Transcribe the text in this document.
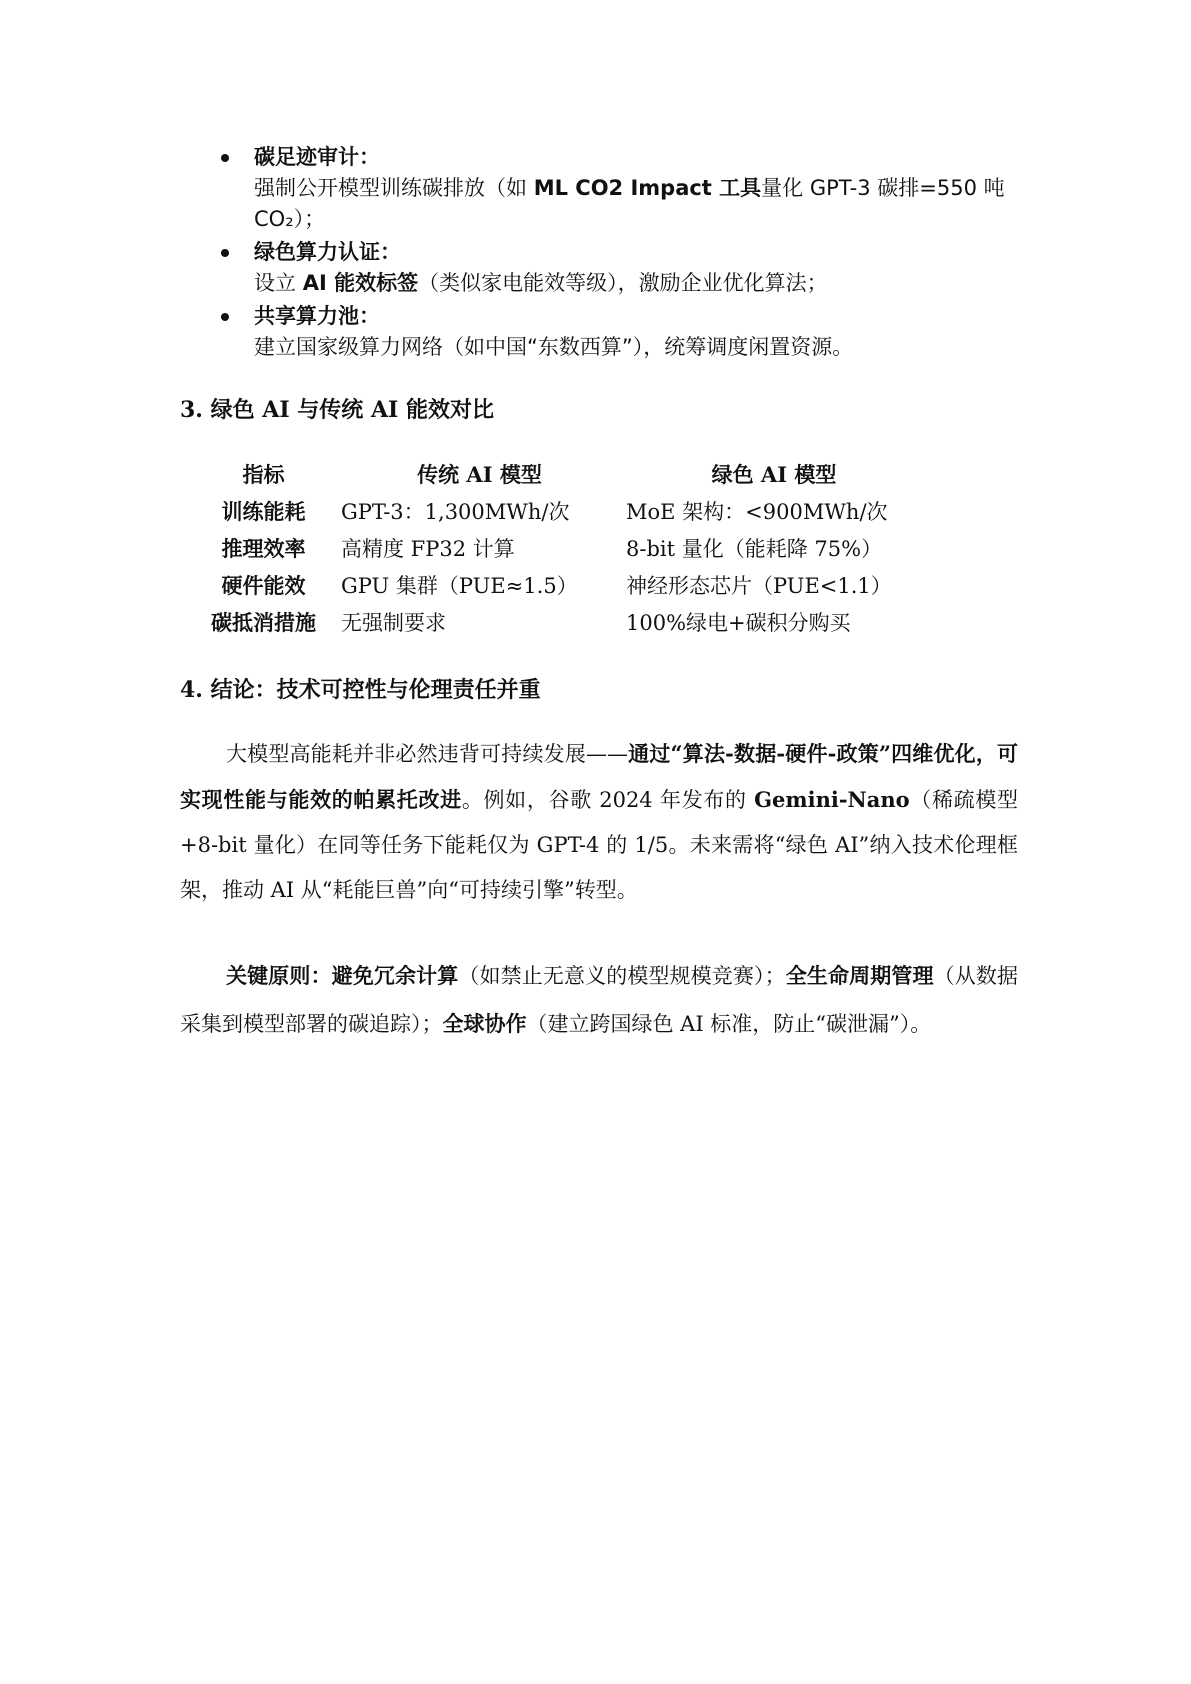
碳足迹审计：
强制公开模型训练碳排放（如 ML CO2 Impact 工具量化 GPT-3 碳排=550 吨 CO₂）；
绿色算力认证：
设立 AI 能效标签（类似家电能效等级），激励企业优化算法；
共享算力池：
建立国家级算力网络（如中国“东数西算”），统筹调度闲置资源。
3. 绿色 AI 与传统 AI 能效对比
指标	传统 AI 模型	绿色 AI 模型
训练能耗	GPT-3：1,300MWh/次	MoE 架构：<900MWh/次
推理效率	高精度 FP32 计算	8-bit 量化（能耗降 75%）
硬件能效	GPU 集群（PUE≈1.5）	神经形态芯片（PUE<1.1）
碳抵消措施	无强制要求	100%绿电+碳积分购买
4. 结论：技术可控性与伦理责任并重

大模型高能耗并非必然违背可持续发展——通过“算法-数据-硬件-政策”四维优化，可实现性能与能效的帕累托改进。例如，谷歌 2024 年发布的 Gemini-Nano（稀疏模型+8-bit 量化）在同等任务下能耗仅为 GPT-4 的 1/5。未来需将“绿色 AI”纳入技术伦理框架，推动 AI 从“耗能巨兽”向“可持续引擎”转型。

关键原则：避免冗余计算（如禁止无意义的模型规模竞赛）；全生命周期管理（从数据采集到模型部署的碳追踪）；全球协作（建立跨国绿色 AI 标准，防止“碳泄漏”）。
